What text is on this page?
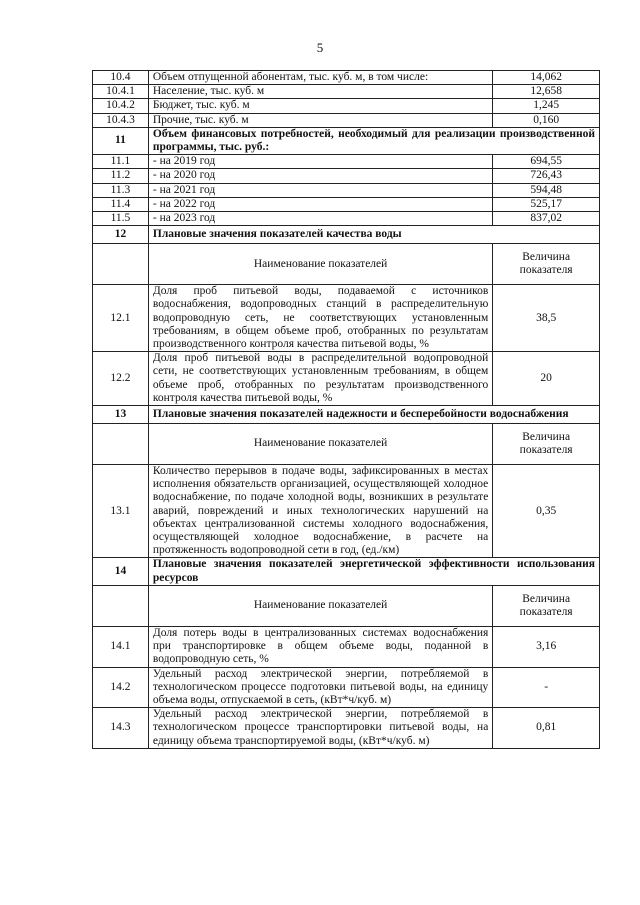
5
10.4	Объем отпущенной абонентам, тыс. куб. м, в том числе:	14,062
10.4.1	Население, тыс. куб. м	12,658
10.4.2	Бюджет, тыс. куб. м	1,245
10.4.3	Прочие, тыс. куб. м	0,160
11	Объем финансовых потребностей, необходимый для реализации производственной программы, тыс. руб.:	
11.1	- на 2019 год	694,55
11.2	- на 2020 год	726,43
11.3	- на 2021 год	594,48
11.4	- на 2022 год	525,17
11.5	- на 2023 год	837,02
12	Плановые значения показателей качества воды	
	Наименование показателей	Величина показателя
12.1	Доля проб питьевой воды, подаваемой с источников водоснабжения, водопроводных станций в распределительную водопроводную сеть, не соответствующих установленным требованиям, в общем объеме проб, отобранных по результатам производственного контроля качества питьевой воды, %	38,5
12.2	Доля проб питьевой воды в распределительной водопроводной сети, не соответствующих установленным требованиям, в общем объеме проб, отобранных по результатам производственного контроля качества питьевой воды, %	20
13	Плановые значения показателей надежности и бесперебойности водоснабжения	
	Наименование показателей	Величина показателя
13.1	Количество перерывов в подаче воды, зафиксированных в местах исполнения обязательств организацией, осуществляющей холодное водоснабжение, по подаче холодной воды, возникших в результате аварий, повреждений и иных технологических нарушений на объектах централизованной системы холодного водоснабжения, осуществляющей холодное водоснабжение, в расчете на протяженность водопроводной сети в год, (ед./км)	0,35
14	Плановые значения показателей энергетической эффективности использования ресурсов	
	Наименование показателей	Величина показателя
14.1	Доля потерь воды в централизованных системах водоснабжения при транспортировке в общем объеме воды, поданной в водопроводную сеть, %	3,16
14.2	Удельный расход электрической энергии, потребляемой в технологическом процессе подготовки питьевой воды, на единицу объема воды, отпускаемой в сеть, (кВт*ч/куб. м)	-
14.3	Удельный расход электрической энергии, потребляемой в технологическом процессе транспортировки питьевой воды, на единицу объема транспортируемой воды, (кВт*ч/куб. м)	0,81
